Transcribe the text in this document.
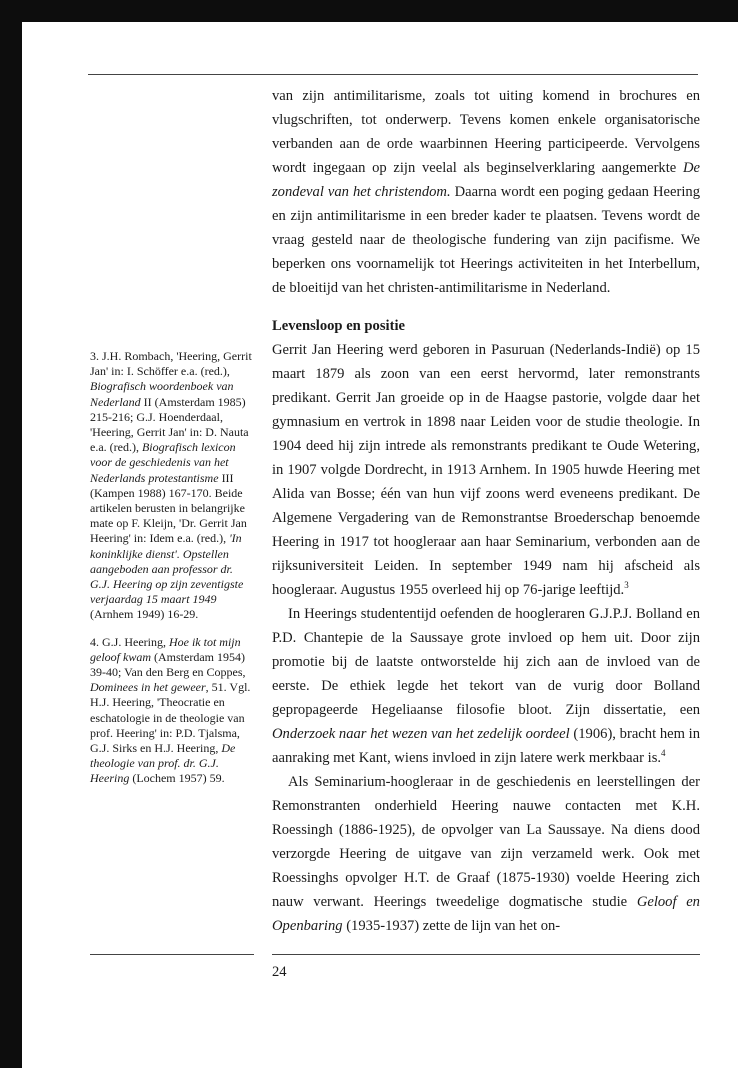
van zijn antimilitarisme, zoals tot uiting komend in brochures en vlugschriften, tot onderwerp. Tevens komen enkele organisatorische verbanden aan de orde waarbinnen Heering participeerde. Vervolgens wordt ingegaan op zijn veelal als beginselverklaring aangemerkte De zondeval van het christendom. Daarna wordt een poging gedaan Heering en zijn antimilitarisme in een breder kader te plaatsen. Tevens wordt de vraag gesteld naar de theologische fundering van zijn pacifisme. We beperken ons voornamelijk tot Heerings activiteiten in het Interbellum, de bloeitijd van het christen-antimilitarisme in Nederland.

Levensloop en positie

Gerrit Jan Heering werd geboren in Pasuruan (Nederlands-Indië) op 15 maart 1879 als zoon van een eerst hervormd, later remonstrants predikant. Gerrit Jan groeide op in de Haagse pastorie, volgde daar het gymnasium en vertrok in 1898 naar Leiden voor de studie theologie. In 1904 deed hij zijn intrede als remonstrants predikant te Oude Wetering, in 1907 volgde Dordrecht, in 1913 Arnhem. In 1905 huwde Heering met Alida van Bosse; één van hun vijf zoons werd eveneens predikant. De Algemene Vergadering van de Remonstrantse Broederschap benoemde Heering in 1917 tot hoogleraar aan haar Seminarium, verbonden aan de rijksuniversiteit Leiden. In september 1949 nam hij afscheid als hoogleraar. Augustus 1955 overleed hij op 76-jarige leeftijd.$^3$

In Heerings studententijd oefenden de hoogleraren G.J.P.J. Bolland en P.D. Chantepie de la Saussaye grote invloed op hem uit. Door zijn promotie bij de laatste ontworstelde hij zich aan de invloed van de eerste. De ethiek legde het tekort van de vurig door Bolland gepropageerde Hegeliaanse filosofie bloot. Zijn dissertatie, een Onderzoek naar het wezen van het zedelijk oordeel (1906), bracht hem in aanraking met Kant, wiens invloed in zijn latere werk merkbaar is.$^4$

Als Seminarium-hoogleraar in de geschiedenis en leerstellingen der Remonstranten onderhield Heering nauwe contacten met K.H. Roessingh (1886-1925), de opvolger van La Saussaye. Na diens dood verzorgde Heering de uitgave van zijn verzameld werk. Ook met Roessinghs opvolger H.T. de Graaf (1875-1930) voelde Heering zich nauw verwant. Heerings tweedelige dogmatische studie Geloof en Openbaring (1935-1937) zette de lijn van het on-

3. J.H. Rombach, 'Heering, Gerrit Jan' in: I. Schöffer e.a. (red.), Biografisch woordenboek van Nederland II (Amsterdam 1985) 215-216; G.J. Hoenderdaal, 'Heering, Gerrit Jan' in: D. Nauta e.a. (red.), Biografisch lexicon voor de geschiedenis van het Nederlands protestantisme III (Kampen 1988) 167-170. Beide artikelen berusten in belangrijke mate op F. Kleijn, 'Dr. Gerrit Jan Heering' in: Idem e.a. (red.), 'In koninklijke dienst'. Opstellen aangeboden aan professor dr. G.J. Heering op zijn zeventigste verjaardag 15 maart 1949 (Arnhem 1949) 16-29.

4. G.J. Heering, Hoe ik tot mijn geloof kwam (Amsterdam 1954) 39-40; Van den Berg en Coppes, Dominees in het geweer, 51. Vgl. H.J. Heering, 'Theocratie en eschatologie in de theologie van prof. Heering' in: P.D. Tjalsma, G.J. Sirks en H.J. Heering, De theologie van prof. dr. G.J. Heering (Lochem 1957) 59.

24
